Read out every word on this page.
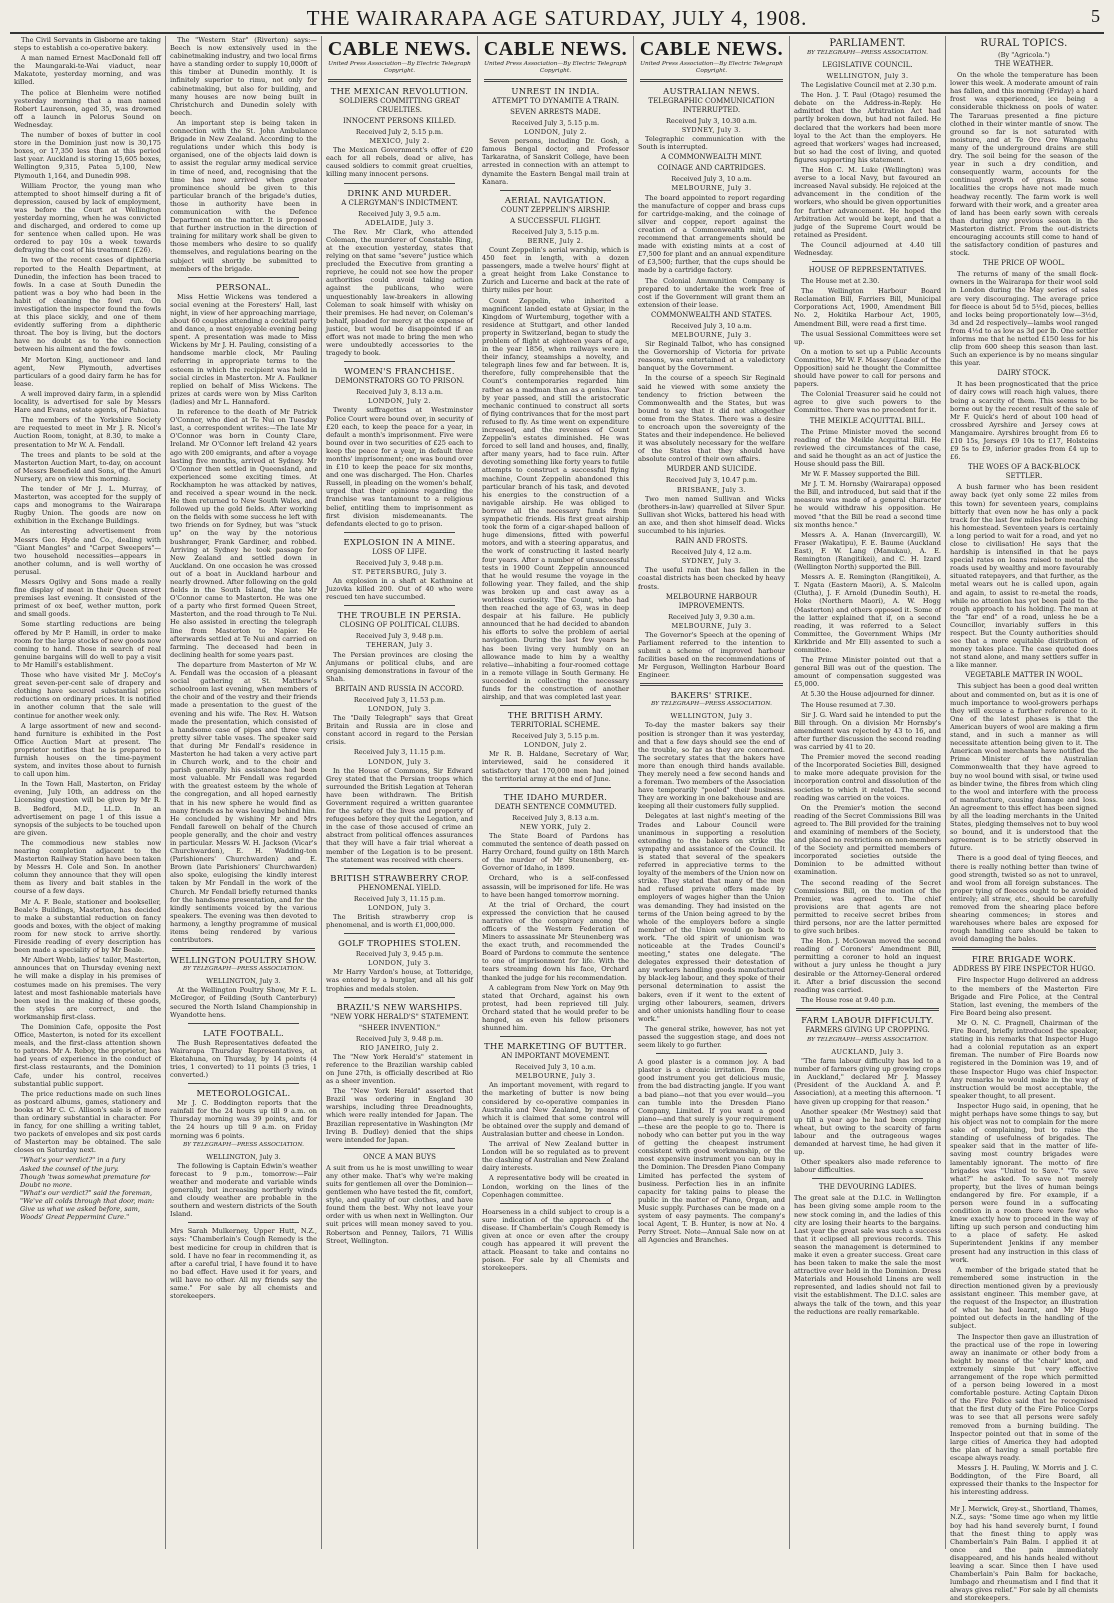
THE WAIRARAPA AGE SATURDAY, JULY 4, 1908.	5

The Civil Servants in Gisborne are taking steps to establish a co-operative bakery.

A man named Ernest MacDonald fell off the Maungaraki-te-Wai viaduct, near Makatote, yesterday morning, and was killed.

The police at Blenheim were notified yesterday morning that a man named Robert Laurenson, aged 35, was drowned off a launch in Pelorus Sound on Wednesday.

The number of boxes of butter in cool store in the Dominion just now is 30,175 boxes, or 17,350 less than at this period last year. Auckland is storing 15,605 boxes, Wellington 9,315, Patea 5,100, New Plymouth 1,164, and Dunedin 998.

William Proctor, the young man who attempted to shoot himself during a fit of depression, caused by lack of employment, was before the Court at Wellington yesterday morning, when he was convicted and discharged, and ordered to come up for sentence when called upon. He was ordered to pay 10s a week towards defraying the cost of his treatment (£26).

In two of the recent cases of diphtheria reported to the Health Department, at Dunedin, the infection has been traced to fowls. In a case at South Dunedin the patient was a boy who had been in the habit of cleaning the fowl run. On investigation the inspector found the fowls at this place sickly, and one of them evidently suffering from a diphtheric throat. The boy is living, but the doctors have no doubt as to the connection between his ailment and the fowls.

Mr Morton King, auctioneer and land agent, New Plymouth, advertises particulars of a good dairy farm he has for lease.

A well improved dairy farm, in a splendid locality, is advertised for sale by Messrs Hare and Evans, estate agents, of Pahiatua.

The members of the Yorkshire Society are requested to meet in Mr J. R. Nicol's Auction Room, tonight, at 8.30, to make a presentation to Mr W. A. Fendall.

The trees and plants to be sold at the Masterton Auction Mart, to-day, on account of Messrs Benefield and Sons, of the Amuri Nursery, are on view this morning.

The tender of Mr J. L. Murray, of Masterton, was accepted for the supply of caps and monograms to the Wairarapa Rugby Union. The goods are now on exhibition in the Exchange Buildings.

An interesting advertisement from Messrs Geo. Hyde and Co., dealing with "Giant Mangles" and "Carpet Sweepers"—two household necessities—appears in another column, and is well worthy of perusal.

Messrs Ogilvy and Sons made a really fine display of meat in their Queen street premises last evening. It consisted of the primest of ox beef, wether mutton, pork and small goods.

Some startling reductions are being offered by Mr P. Hamill, in order to make room for the large stocks of new goods now coming to hand. Those in search of real genuine bargains will do well to pay a visit to Mr Hamill's establishment.

Those who have visited Mr J. McCoy's great seven-per-cent sale of drapery and clothing have secured substantial price reductions on ordinary prices. It is notified in another column that the sale will continue for another week only.

A large assortment of new and second-hand furniture is exhibited in the Post Office Auction Mart at present. The proprietor notifies that he is prepared to furnish houses on the time-payment system, and invites those about to furnish to call upon him.

In the Town Hall, Masterton, on Friday evening, July 10th, an address on the Licensing question will be given by Mr R. B. Bedford, M.D., LL.D. In an advertisement on page 1 of this issue a synopsis of the subjects to be touched upon are given.

The commodious new stables now nearing completion adjacent to the Masterton Railway Station have been taken by Messrs H. Cole and Son. In another column they announce that they will open them as livery and bait stables in the course of a few days.

Mr A. F. Beale, stationer and bookseller, Beale's Buildings, Masterton, has decided to make a substantial reduction on fancy goods and boxes, with the object of making room for new stock to arrive shortly. Fireside reading of every description has been made a speciality of by Mr Beale.

Mr Albert Webb, ladies' tailor, Masterton, announces that on Thursday evening next he will make a display in his premises of costumes made on his premises. The very latest and most fashionable materials have been used in the making of these goods, the styles are correct, and the workmanship first-class.

The Dominion Cafe, opposite the Post Office, Masterton, is noted for its excellent meals, and the first-class attention shown to patrons. Mr A. Reboy, the proprietor, has had years of experience in the conduct of first-class restaurants, and the Dominion Cafe, under his control, receives substantial public support.

The price reductions made on such lines as postcard albums, games, stationery and books at Mr C. C. Allison's sale is of more than ordinary substantial in character. For in fancy, for one shilling a writing tablet, two packets of envelopes and six post cards of Masterton may be obtained. The sale closes on Saturday next.

"What's your verdict?" in a fury
Asked the counsel of the jury.
Though 'twas somewhat premature for
Doubt no more.
"What's our verdict?" said the foreman,
"We've all colds through that door, man:
Give us what we asked before, sam,
Woods' Great Peppermint Cure."

The "Western Star" (Riverton) says:—Beech is now extensively used in the cabinetmaking industry, and two local firms have a standing order to supply 10,000ft of this timber at Dunedin monthly. It is infinitely superior to rimu, not only for cabinetmaking, but also for building, and many houses are now being built in Christchurch and Dunedin solely with beech.

An important step is being taken in connection with the St. John Ambulance Brigade in New Zealand. According to the regulations under which this body is organised, one of the objects laid down is to assist the regular army medical service in time of need, and, recognising that the time has now arrived when greater prominence should be given to this particular branch of the brigade's duties, those in authority have been in communication with the Defence Department on the matter. It is proposed that further instruction in the direction of training for military work shall be given to those members who desire to so qualify themselves, and regulations bearing on the subject will shortly be submitted to members of the brigade.

PERSONAL.

Miss Hettie Wickens was tendered a social evening at the Foresters' Hall, last night, in view of her approaching marriage, about 60 couples attending a cocktail party and dance, a most enjoyable evening being spent. A presentation was made to Miss Wickens by Mr J. H. Pauling, consisting of a handsome marble clock, Mr Pauling referring in appropriate terms to the esteem in which the recipient was held in social circles in Masterton. Mr A. Faulkner replied on behalf of Miss Wickens. The prizes at cards were won by Miss Carlton (ladies) and Mr L. Hannaford.

In reference to the death of Mr Patrick O'Connor, who died at Te Nui on Tuesday last, a correspondent writes:—The late Mr O'Connor was born in County Clare, Ireland. Mr O'Connor left Ireland 42 years ago with 200 emigrants, and after a voyage lasting five months, arrived at Sydney. Mr O'Connor then settled in Queensland, and experienced some exciting times. At Rockhampton he was attacked by natives, and received a spear wound in the neck. He then returned to New South Wales, and followed up the gold fields. After working on the fields with some success he left with two friends on for Sydney, but was "stuck up" on the way by the notorious bushranger, Frank Gardiner, and robbed. Arriving at Sydney he took passage for New Zealand and settled down in Auckland. On one occasion he was crossed out of a boat in Auckland harbour and nearly drowned. After following on the gold fields in the South Island, the late Mr O'Connor came to Masterton. He was one of a party who first formed Queen Street, Masterton, and the road through to Te Nui. He also assisted in erecting the telegraph line from Masterton to Napier. He afterwards settled at Te Nui and carried on farming. The deceased had been in declining health for some years past.

The departure from Masterton of Mr W. A. Fendall was the occasion of a pleasant social gathering at St. Matthew's schoolroom last evening, when members of the choir and of the vestry and their friends made a presentation to the guest of the evening and his wife. The Rev. H. Watson made the presentation, which consisted of a handsome case of pipes and three very pretty silver table vases. The speaker said that during Mr Fendall's residence in Masterton he had taken a very active part in Church work, and to the choir and parish generally his assistance had been most valuable. Mr Fendall was regarded with the greatest esteem by the whole of the congregation, and all hoped earnestly that in his new sphere he would find as many friends as he was leaving behind him. He concluded by wishing Mr and Mrs Fendall farewell on behalf of the Church people generally, and the choir and vestry in particular. Messrs W. H. Jackson (Vicar's Churchwarden), E. H. Wadding-ton (Parishioners' Churchwarden) and E. Brown (late Parishioners' Churchwarden) also spoke, eulogising the kindly interest taken by Mr Fendall in the work of the Church. Mr Fendall briefly returned thanks for the handsome presentation, and for the kindly sentiments voiced by the various speakers. The evening was then devoted to harmony, a lengthy programme of musical items being rendered by various contributors.

WELLINGTON POULTRY SHOW.
BY TELEGRAPH—PRESS ASSOCIATION.
WELLINGTON, July 3.

At the Wellington Poultry Show, Mr F. L. McGregor, of Feilding (South Canterbury) secured the North Island Championship in Wyandotte hens.

LATE FOOTBALL.

The Bush Representatives defeated the Wairarapa Thursday Representatives, at Eketahuna, on Thursday, by 14 points (4 tries, 1 converted) to 11 points (3 tries, 1 converted.)

METEOROLOGICAL.

Mr J. C. Boddington reports that the rainfall for the 24 hours up till 9 a.m. on Thursday morning was 39 points, and for the 24 hours up till 9 a.m. on Friday morning was 6 points.

BY TELEGRAPH—PRESS ASSOCIATION.
WELLINGTON, July 3.

The following is Captain Edwin's weather forecast to 9 p.m., tomorrow:—Fair weather and moderate and variable winds generally, but increasing northerly winds and cloudy weather are probable in the southern and western districts of the South Island.

Mrs Sarah Mulkerney, Upper Hutt, N.Z., says: "Chamberlain's Cough Remedy is the best medicine for croup in children that is sold. I have no fear in recommending it, as after a careful trial, I have found it to have no bad effect. Have used it for years, and will have no other. All my friends say the same." For sale by all chemists and storekeepers.

CABLE NEWS.
United Press Association—By Electric Telegraph Copyright.
THE MEXICAN REVOLUTION.
SOLDIERS COMMITTING GREAT CRUELTIES.
INNOCENT PERSONS KILLED.
Received July 2, 5.15 p.m.
MEXICO, July 2.

The Mexican Government's offer of £20 each for all rebels, dead or alive, has caused soldiers to commit great cruelties, killing many innocent persons.

DRINK AND MURDER.
A CLERGYMAN'S INDICTMENT.
Received July 3, 9.5 a.m.
ADELAIDE, July 3.

The Rev. Mr Clark, who attended Coleman, the murderer of Constable Ring, at the execution yesterday, states that relying on that same "severe" justice which precluded the Executive from granting a reprieve, he could not see how the proper authorities could avoid taking action against the publicans, who were unquestionably law-breakers in allowing Coleman to soak himself with whisky on their premises. He had never, on Coleman's behalf, pleaded for mercy at the expense of justice, but would be disappointed if an effort was not made to bring the men who were undoubtedly accessories to the tragedy to book.

WOMEN'S FRANCHISE.
DEMONSTRATORS GO TO PRISON.
Received July 3, 8.13 a.m.
LONDON, July 2.

Twenty suffragettes at Westminster Police Court were bound over, in security of £20 each, to keep the peace for a year, in default a month's imprisonment. Five were bound over in two securities of £25 each to keep the peace for a year, in default three months' imprisonment; one was bound over in £10 to keep the peace for six months, and one was discharged. The Hon. Charles Russell, in pleading on the women's behalf, urged that their opinions regarding the franchise was tantamount to a religious belief, entitling them to imprisonment as first division misdemeanants. The defendants elected to go to prison.

EXPLOSION IN A MINE.
LOSS OF LIFE.
Received July 3, 9.48 p.m.
ST. PETERSBURG, July 3.

An explosion in a shaft at Kathmine at Juzovka killed 200. Out of 40 who were rescued ten have succumbed.

THE TROUBLE IN PERSIA.
CLOSING OF POLITICAL CLUBS.
Received July 3, 9.48 p.m.
TEHERAN, July 3.

The Persian provinces are closing the Anjumans or political clubs, and are organising demonstrations in favour of the Shah.

BRITAIN AND RUSSIA IN ACCORD.
Received July 3, 11.53 p.m.
LONDON, July 3.

The "Daily Telegraph" says that Great Britain and Russia are in close and constant accord in regard to the Persian crisis.

Received July 3, 11.15 p.m.
LONDON, July 3.

In the House of Commons, Sir Edward Grey stated that the Persian troops which surrounded the British Legation at Teheran have been withdrawn. The British Government required a written guarantee for the safety of the lives and property of refugees before they quit the Legation, and in the case of those accused of crime an abstract from political offences assurances that they will have a fair trial whereat a member of the Legation is to be present. The statement was received with cheers.

BRITISH STRAWBERRY CROP.
PHENOMENAL YIELD.
Received July 3, 11.15 p.m.
LONDON, July 3.

The British strawberry crop is phenomenal, and is worth £1,000,000.

GOLF TROPHIES STOLEN.
Received July 3, 9.45 p.m.
LONDON, July 3.

Mr Harry Vardon's house, at Totteridge, was entered by a burglar, and all his golf trophies and medals stolen.

BRAZIL'S NEW WARSHIPS.
"NEW YORK HERALD'S" STATEMENT.
"SHEER INVENTION."
Received July 3, 9.48 p.m.
RIO JANEIRO, July 2.

The "New York Herald's" statement in reference to the Brazilian warship cabled on June 27th, is officially described at Rio as a sheer invention.

The "New York Herald" asserted that Brazil was ordering in England 30 warships, including three Dreadnoughts, which were really intended for Japan. The Brazilian representative in Washington (Mr Irving B. Dudley) denied that the ships were intended for Japan.

ONCE A MAN BUYS

A suit from us he is most unwilling to wear any other make. That's why we're making suits for gentlemen all over the Dominion—gentlemen who have tested the fit, comfort, style, and quality of our clothes, and have found them the best. Why not leave your order with us when next in Wellington. Our suit prices will mean money saved to you. Robertson and Penney, Tailors, 71 Willis Street, Wellington.

CABLE NEWS.
United Press Association—By Electric Telegraph Copyright.
UNREST IN INDIA.
ATTEMPT TO DYNAMITE A TRAIN.
SEVEN ARRESTS MADE.
Received July 3, 5.15 p.m.
LONDON, July 2.

Seven persons, including Dr. Gosh, a famous Bengal doctor, and Professor Tarkaratna, of Sanskrit College, have been arrested in connection with an attempt to dynamite the Eastern Bengal mail train at Kanara.

AERIAL NAVIGATION.
COUNT ZEPPELIN'S AIRSHIP.
A SUCCESSFUL FLIGHT.
Received July 3, 5.15 p.m.
BERNE, July 2.

Count Zeppelin's aerial warship, which is 450 feet in length, with a dozen passengers, made a twelve hours' flight at a great height from Lake Constance to Zurich and Lucerne and back at the rate of thirty miles per hour.

Count Zeppelin, who inherited a magnificent landed estate at Gysiar, in the Kingdom of Wurtemburg, together with a residence at Stuttgart, and other landed property in Switzerland, began to study the problem of flight at eighteen years of age, in the year 1856, when railways were in their infancy, steamships a novelty, and telegraph lines few and far between. It is, therefore, fully comprehensible that the Count's contemporaries regarded him rather as a madman than as a genius. Year by year passed, and still the aristocratic mechanic continued to construct all sorts of flying contrivances that for the most part refused to fly. As time went on expenditure increased, and the revenues of Count Zeppelin's estates diminished. He was forced to sell land and houses, and, finally, after many years, had to face ruin. After devoting something like forty years to futile attempts to construct a successful flying machine, Count Zeppelin abandoned this particular branch of his task, and devoted his energies to the construction of a navigable airship. He was obliged to borrow all the necessary funds from sympathetic friends. His first great airship took the form of a cigar-shaped balloon of huge dimensions, fitted with powerful motors, and with a steering apparatus, and the work of constructing it lasted nearly four years. After a number of unsuccessful tests in 1900 Count Zeppelin announced that he would resume the voyage in the following year. They failed, and the ship was broken up and cast away as a worthless curiosity. The Count, who had then reached the age of 63, was in deep despair at his failure. He publicly announced that he had decided to abandon his efforts to solve the problem of aerial navigation. During the last few years he has been living very humbly on an allowance made to him by a wealthy relative—inhabiting a four-roomed cottage in a remote village in South Germany. He succeeded in collecting the necessary funds for the construction of another airship, and that was completed last year.

THE BRITISH ARMY.
TERRITORIAL SCHEME.
Received July 3, 5.15 p.m.
LONDON, July 2.

Mr R. B. Haldane, Secretary of War, interviewed, said he considered it satisfactory that 170,000 men had joined the territorial army at the end of June.

THE IDAHO MURDER.
DEATH SENTENCE COMMUTED.
Received July 3, 8.13 a.m.
NEW YORK, July 2.

The State Board of Pardons has commuted the sentence of death passed on Harry Orchard, found guilty on 18th March of the murder of Mr Steunenberg, ex-Governor of Idaho, in 1899.

Orchard, who is a self-confessed assassin, will be imprisoned for life. He was to have been hanged tomorrow morning.

At the trial of Orchard, the court expressed the conviction that he caused narrative of the conspiracy among the officers of the Western Federation of Miners to assassinate Mr Steunenberg was the exact truth, and recommended the Board of Pardons to commute the sentence to one of imprisonment for life. With the tears streaming down his face, Orchard thanked the judge for his recommendation.

A cablegram from New York on May 9th stated that Orchard, against his own protest, had been reprieved till July. Orchard stated that he would prefer to be hanged, as even his fellow prisoners shunned him.

THE MARKETING OF BUTTER.
AN IMPORTANT MOVEMENT.
Received July 3, 10 a.m.
MELBOURNE, July 3.

An important movement, with regard to the marketing of butter is now being considered by co-operative companies in Australia and New Zealand, by means of which it is claimed that some control will be obtained over the supply and demand of Australasian butter and cheese in London.

The arrival of New Zealand butter in London will be so regulated as to prevent the clashing of Australian and New Zealand dairy interests.

A representative body will be created in London, working on the lines of the Copenhagen committee.

Hoarseness in a child subject to croup is a sure indication of the approach of the disease. If Chamberlain's Cough Remedy is given at once or even after the croupy cough has appeared it will prevent the attack. Pleasant to take and contains no poison. For sale by all Chemists and storekeepers.

CABLE NEWS.
United Press Association—By Electric Telegraph Copyright.
AUSTRALIAN NEWS.
TELEGRAPHIC COMMUNICATION INTERRUPTED.
Received July 3, 10.30 a.m.
SYDNEY, July 3.

Telegraphic communication with the South is interrupted.

A COMMONWEALTH MINT.
COINAGE AND CARTRIDGES.
Received July 3, 10 a.m.
MELBOURNE, July 3.

The board appointed to report regarding the manufacture of copper and brass cups for cartridge-making, and the coinage of silver and copper, report against the creation of a Commonwealth mint, and recommend that arrangements should be made with existing mints at a cost of £7,500 for plant and an annual expenditure of £3,500; further, that the cups should be made by a cartridge factory.

The Colonial Ammunition Company is prepared to undertake the work free of cost if the Government will grant them an extension of their lease.

COMMONWEALTH AND STATES.
Received July 3, 10 a.m.
MELBOURNE, July 3.

Sir Reginald Talbot, who has consigned the Governorship of Victoria for private reasons, was entertained at a valedictory banquet by the Government.

In the course of a speech Sir Reginald said he viewed with some anxiety the tendency to friction between the Commonwealth and the States, but was bound to say that it did not altogether come from the States. There was a desire to encroach upon the sovereignty of the States and their independence. He believed it was absolutely necessary for the welfare of the States that they should have absolute control of their own affairs.

MURDER AND SUICIDE.
Received July 3, 10.47 p.m.
BRISBANE, July 3.

Two men named Sullivan and Wicks (brothers-in-law) quarrelled at Silver Spur. Sullivan shot Wicks, battered his head with an axe, and then shot himself dead. Wicks succumbed to his injuries.

RAIN AND FROSTS.
Received July 4, 12 a.m.
SYDNEY, July 3.

The useful rain that has fallen in the coastal districts has been checked by heavy frosts.

MELBOURNE HARBOUR IMPROVEMENTS.
Received July 3, 9.30 a.m.
MELBOURNE, July 3.

The Governor's Speech at the opening of Parliament referred to the intention to submit a scheme of improved harbour facilities based on the recommendations of Mr Ferguson, Wellington Harbour Board Engineer.

BAKERS' STRIKE.
BY TELEGRAPH—PRESS ASSOCIATION.
WELLINGTON, July 3.

To-day the master bakers say their position is stronger than it was yesterday, and that a few days should see the end of the trouble, so far as they are concerned. The secretary states that the bakers have more than enough third hands available. They merely need a few second hands and a foreman. Two members of the Association have temporarily "pooled" their business. They are working in one bakehouse and are keeping all their customers fully supplied.

Delegates at last night's meeting of the Trades and Labour Council were unanimous in supporting a resolution extending to the bakers on strike the sympathy and assistance of the Council. It is stated that several of the speakers referred in appreciative terms to the loyalty of the members of the Union now on strike. They stated that many of the men had refused private offers made by employers of wages higher than the Union was demanding. They had insisted on the terms of the Union being agreed to by the whole of the employers before a single member of the Union would go back to work. "The old spirit of unionism was noticeable at the Trades Council's meeting," states one delegate. "The delegates expressed their detestation of any workers handling goods manufactured by black-leg labour, and they spoke of their personal determination to assist the bakers, even if it went to the extent of urging other labourers, seamen, drivers and other unionists handling flour to cease work."

The general strike, however, has not yet passed the suggestion stage, and does not seem likely to go further.

A good plaster is a common joy. A bad plaster is a chronic irritation. From the good instrument you get delicious music, from the bad distracting jangle. If you want a bad piano—not that you ever would—you can tumble into the Dresden Piano Company, Limited. If you want a good piano—and that surely is your requirement—these are the people to go to. There is nobody who can better put you in the way of getting the cheapest instrument consistent with good workmanship, or the most expensive instrument you can buy in the Dominion. The Dresden Piano Company Limited has perfected the system of business. Perfection lies in an infinite capacity for taking pains to please the public in the matter of Piano, Organ, and Music supply. Purchases can be made on a system of easy payments. The company's local Agent, T. B. Hunter, is now at No. 4 Perry Street. Note—Annual Sale now on at all Agencies and Branches.

PARLIAMENT.
BY TELEGRAPH—PRESS ASSOCIATION.
LEGISLATIVE COUNCIL.
WELLINGTON, July 3.

The Legislative Council met at 2.30 p.m.

The Hon. J. T. Paul (Otago) resumed the debate on the Address-in-Reply. He admitted that the Arbitration Act had partly broken down, but had not failed. He declared that the workers had been more loyal to the Act than the employers. He agreed that workers' wages had increased, but so had the cost of living, and quoted figures supporting his statement.

The Hon C. M. Luke (Wellington) was averse to a local Navy, but favoured an increased Naval subsidy. He rejoiced at the advancement in the condition of the workers, who should be given opportunities for further advancement. He hoped the Arbitration Act would be kept, and that a judge of the Supreme Court would be retained as President.

The Council adjourned at 4.40 till Wednesday.

HOUSE OF REPRESENTATIVES.

The House met at 2.30.

The Wellington Harbour Board Reclamation Bill, Farriers Bill, Municipal Corporations Act, 1900, Amendment Bill No. 2, Hokitika Harbour Act, 1905, Amendment Bill, were read a first time.

The usual Sessional Committees were set up.

On a motion to set up a Public Accounts Committee, Mr W. F. Massey (Leader of the Opposition) said he thought the Committee should have power to call for persons and papers.

The Colonial Treasurer said he could not agree to give such powers to the Committee. There was no precedent for it.

THE MEIKLE ACQUITTAL BILL.

The Prime Minister moved the second reading of the Meikle Acquittal Bill. He reviewed the circumstances of the case, and said he thought as an act of justice the House should pass the Bill.

Mr W. F. Massey supported the Bill.

Mr J. T. M. Hornsby (Wairarapa) opposed the Bill, and introduced, but said that if the measure was made of a general character he would withdraw his opposition. He moved "that the Bill be read a second time six months hence."

Messrs A. A. Hanan (Invercargill), W. Fraser (Wakatipu), F. E. Baume (Auckland East), F. W. Lang (Manukau), A. E. Remington (Rangitikei), and C. H. Izard (Wellington North) supported the Bill.

Messrs A. E. Remington (Rangitikei), A. T. Ngata (Eastern Maori), A. S. Malcolm (Clutha), J. F. Arnold (Dunedin South), H. Hoke (Northern Maori), A. W. Hogg (Masterton) and others opposed it. Some of the latter explained that if, on a second reading, it was referred to a Select Committee, the Government Whips (Mr Kirkbride and Mr Ell) assented to such a committee.

The Prime Minister pointed out that a general Bill was out of the question. The amount of compensation suggested was £5,000.

At 5.30 the House adjourned for dinner.

The House resumed at 7.30.

Sir J. G. Ward said he intended to put the Bill through. On a division Mr Hornsby's amendment was rejected by 43 to 16, and after further discussion the second reading was carried by 41 to 20.

The Premier moved the second reading of the Incorporated Societies Bill, designed to make more adequate provision for the incorporation control and dissolution of the societies to which it related. The second reading was carried on the voices.

On the Premier's motion the second reading of the Secret Commissions Bill was agreed to. The Bill provided for the training and examining of members of the Society, and placed no restrictions on non-members of the Society and permitted members of incorporated societies outside the Dominion to be admitted without examination.

The second reading of the Secret Commissions Bill, on the motion of the Premier, was agreed to. The chief provisions are that agents are not permitted to receive secret bribes from third persons, nor are the latter permitted to give such bribes.

The Hon. J. McGowan moved the second reading of Coroners' Amendment Bill, permitting a coroner to hold an inquest without a jury unless he thought a jury desirable or the Attorney-General ordered it. After a brief discussion the second reading was carried.

The House rose at 9.40 p.m.

FARM LABOUR DIFFICULTY.
FARMERS GIVING UP CROPPING.
BY TELEGRAPH—PRESS ASSOCIATION.
AUCKLAND, July 3.

"The farm labour difficulty has led to a number of farmers giving up growing crops in Auckland," declared Mr J. Massey (President of the Auckland A. and P. Association), at a meeting this afternoon. "I have given up cropping for that reason."

Another speaker (Mr Westney) said that up till a year ago he had been cropping wheat, but owing to the scarcity of farm labour and the outrageous wages demanded at harvest time, he had given it up.

Other speakers also made reference to labour difficulties.

THE DEVOURING LADIES.

The great sale at the D.I.C. in Wellington has been giving some ample room to the new stock coming in, and the ladies of this city are losing their hearts to the bargains. Last year the great sale was such a success that it eclipsed all previous records. This season the management is determined to make it even a greater success. Great care has been taken to make the sale the most attractive ever held in the Dominion. Dress Materials and Household Linens are well represented, and ladies should not fail to visit the establishment. The D.I.C. sales are always the talk of the town, and this year the reductions are really remarkable.

RURAL TOPICS.
(By "Agricola.")
THE WEATHER.

On the whole the temperature has been lower this week. A moderate amount of rain has fallen, and this morning (Friday) a hard frost was experienced, ice being a considerable thickness on pools of water. The Tararuas presented a fine picture clothed in their winter mantle of snow. The ground so far is not saturated with moisture, and at Te Ore Ore Wangaehu many of the underground drains are still dry. The soil being for the season of the year in such a dry condition, and consequently warm, accounts for the continual growth of grass. In some localities the crops have not made much headway recently. The farm work is well forward with their work, and a greater area of land has been early sown with cereals than during any previous season in the Masterton district. From the out-districts encouraging accounts still come to hand of the satisfactory condition of pastures and stock.

THE PRICE OF WOOL.

The returns of many of the small flock-owners in the Wairarapa for their wool sold in London during the May series of sales are very discouraging. The average price for fleece is about 5d to 5½d, pieces, bellies and locks being proportionately low—3½d, 3d and 2d respectively—lambs wool ranged from 4½d to as low as 3d per lb. One settler informs me that he netted £150 less for his clip from 600 sheep this season than last. Such an experience is by no means singular this year.

DAIRY STOCK.

It has been prognosticated that the price of dairy cows will reach high values, there being a scarcity of them. This seems to be borne out by the recent result of the sale of Mr F. Quick's herd of about 100 head of crossbred Ayrshire and Jersey cows at Mangamaire. Ayrshires brought from £6 to £10 15s, Jerseys £9 10s to £17, Holsteins £9 5s to £9, inferior grades from £4 up to £6.

THE WOES OF A BACK-BLOCK SETTLER.

A bush farmer who has been resident away back (yet only some 22 miles from this town) for seventeen years, complains bitterly that even now he has only a pack track for the last few miles before reaching his homestead. Seventeen years is certainly a long period to wait for a road, and yet no close to civilisation! He says that the hardship is intensified in that he pays special rates on loans raised to metal the roads used by wealthy and more favourably situated ratepayers, and that further, as the metal wears out he is called upon, again and again, to assist to re-metal the roads, while no attention has yet been paid to the rough approach to his holding. The man at the "far end" of a road, unless he be a Councillor, invariably suffers in this respect. But the County authorities should see that a more equitable distribution of money takes place. The case quoted does not stand alone, and many settlers suffer in a like manner.

VEGETABLE MATTER IN WOOL.

This subject has been a good deal written about and commented on, but as it is one of much importance to wool-growers perhaps they will excuse a further reference to it. One of the latest phases is that the American buyers of wool are making a firm stand, and in such a manner as will necessitate attention being given to it. The American wool merchants have notified the Prime Minister of the Australian Commonwealth that they have agreed to buy no wool bound with sisal, or twine used as binder twine, the fibres from which cling to the wool and interfere with the process of manufacture, causing damage and loss. An agreement to this effect has been signed by all the leading merchants in the United States, pledging themselves not to buy wool so bound, and it is understood that the agreement is to be strictly observed in future.

There is a good deal of tying fleeces, and there is really nothing better than twine of good strength, twisted so as not to unravel, and wool from all foreign substances. The proper tying of fleeces ought to be avoided entirely; all straw, etc., should be carefully removed from the shearing place before shearing commences; in stores and warehouses where bales are exposed for rough handling care should be taken to avoid damaging the bales.

FIRE BRIGADE WORK.
ADDRESS BY FIRE INSPECTOR HUGO.

Fire Inspector Hugo delivered an address to the members of the Masterton Fire Brigade and Fire Police, at the Central Station, last evening, the members of the Fire Board being also present.

Mr O. N. C. Pragnell, Chairman of the Fire Board, briefly introduced the speaker, stating in his remarks that Inspector Hugo had a colonial reputation as an expert fireman. The number of Fire Boards now registered in the Dominion was 19, and of these Inspector Hugo was chief Inspector. Any remarks he would make in the way of instruction would be most acceptable, the speaker thought, to all present.

Inspector Hugo said, in opening, that he might perhaps have some things to say, but his object was not to complain for the mere sake of complaining, but to raise the standing of usefulness of brigades. The speaker said that in the matter of life-saving most country brigades were lamentably ignorant. The motto of fire brigades was "United to Save." "To save what?" he asked. To save not merely property, but the lives of human beings endangered by fire. For example, if a person were found in a suffocating condition in a room there were few who knew exactly how to proceed in the way of lifting up such person and conducting him to a place of safety. He asked Superintendent Jenkins if any member present had any instruction in this class of work.

A member of the brigade stated that he remembered some instruction in the direction mentioned given by a previously assistant engineer. This member gave, at the request of the Inspector, an illustration of what he had learnt, and Mr Hugo pointed out defects in the handling of the subject.

The Inspector then gave an illustration of the practical use of the rope in lowering away an inanimate or other body from a height by means of the "chair" knot, and extremely simple but very effective arrangement of the rope which permitted of a person being lowered in a most comfortable posture. Acting Captain Dixon of the Fire Police said that he recognised that the first duty of the Fire Police Corps was to see that all persons were safely removed from a burning building. The Inspector pointed out that in some of the large cities of America they had adopted the plan of having a small portable fire escape always ready.

Messrs J. H. Pauling, W. Morris and J. C. Boddington, of the Fire Board, all expressed their thanks to the Inspector for his interesting address.

Mr J. Merwick, Grey-st., Shortland, Thames, N.Z., says: "Some time ago when my little boy had his hand severely burnt, I found that the finest thing to apply was Chamberlain's Pain Balm. I applied it at once and the pain immediately disappeared, and his hands healed without leaving a scar. Since then I have used Chamberlain's Pain Balm for backache, lumbago and rheumatism and I find that it always gives relief." For sale by all chemists and storekeepers.
